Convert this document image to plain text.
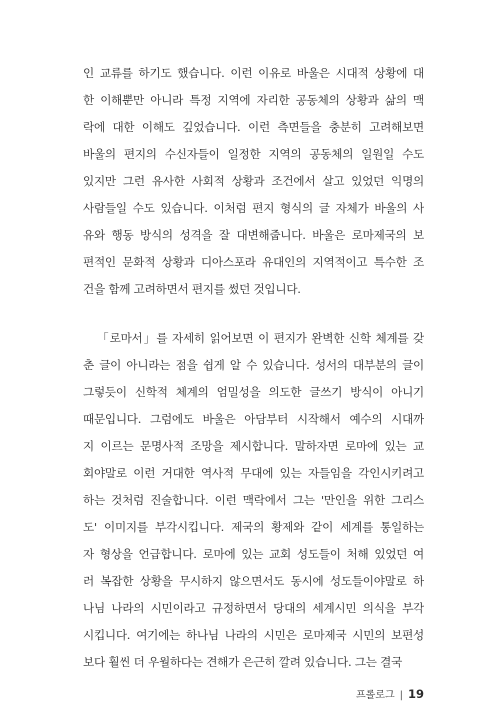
인 교류를 하기도 했습니다. 이런 이유로 바울은 시대적 상황에 대
한 이해뿐만 아니라 특정 지역에 자리한 공동체의 상황과 삶의 맥
락에 대한 이해도 깊었습니다. 이런 측면들을 충분히 고려해보면
바울의 편지의 수신자들이 일정한 지역의 공동체의 일원일 수도
있지만 그런 유사한 사회적 상황과 조건에서 살고 있었던 익명의
사람들일 수도 있습니다. 이처럼 편지 형식의 글 자체가 바울의 사
유와 행동 방식의 성격을 잘 대변해줍니다. 바울은 로마제국의 보
편적인 문화적 상황과 디아스포라 유대인의 지역적이고 특수한 조
건을 함께 고려하면서 편지를 썼던 것입니다.
「로마서」를 자세히 읽어보면 이 편지가 완벽한 신학 체계를 갖
춘 글이 아니라는 점을 쉽게 알 수 있습니다. 성서의 대부분의 글이
그렇듯이 신학적 체계의 엄밀성을 의도한 글쓰기 방식이 아니기
때문입니다. 그럼에도 바울은 아담부터 시작해서 예수의 시대까
지 이르는 문명사적 조망을 제시합니다. 말하자면 로마에 있는 교
회야말로 이런 거대한 역사적 무대에 있는 자들임을 각인시키려고
하는 것처럼 진술합니다. 이런 맥락에서 그는 '만인을 위한 그리스
도' 이미지를 부각시킵니다. 제국의 황제와 같이 세계를 통일하는
자 형상을 언급합니다. 로마에 있는 교회 성도들이 처해 있었던 여
러 복잡한 상황을 무시하지 않으면서도 동시에 성도들이야말로 하
나님 나라의 시민이라고 규정하면서 당대의 세계시민 의식을 부각
시킵니다. 여기에는 하나님 나라의 시민은 로마제국 시민의 보편성
보다 훨씬 더 우월하다는 견해가 은근히 깔려 있습니다. 그는 결국
프롤로그 | 19
